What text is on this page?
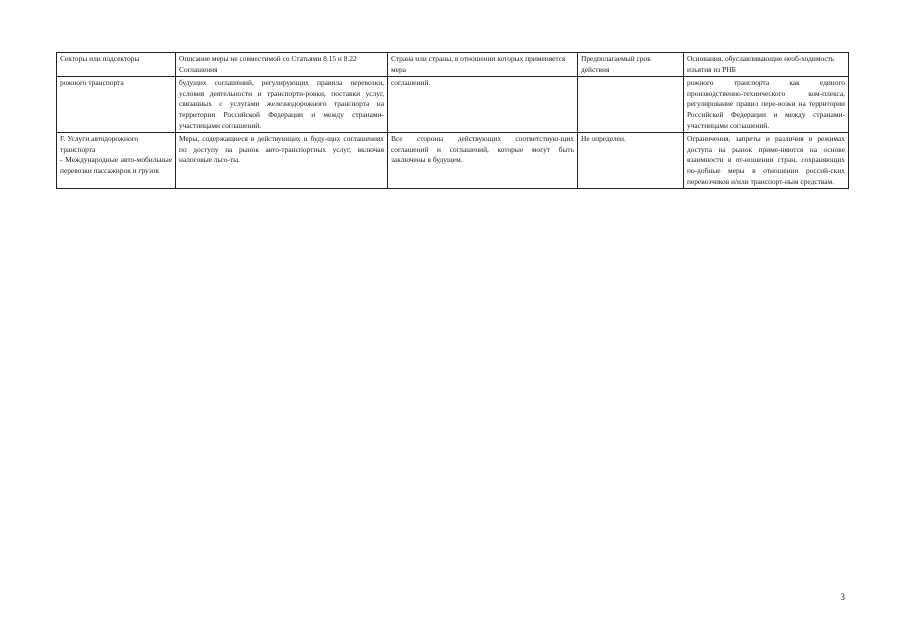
Секторы или подсекторы	Описание меры не совместимой со Статьями 8.15 и 8.22 Соглашения	Страна или страны, в отношении которых применяется мера	Предполагаемый срок действия	Основания, обуславливающие необ-ходимость изъятия из РНБ

рожного транспорта	будущих соглашений, регулирующих правила перевозки, условия деятельности и транспорти-ровки, поставки услуг, связанных с услугами железнодорожного транспорта на территории Российской Федерации и между странами-участницами соглашений.	соглашений.		рожного транспорта как единого производственно-технического ком-плекса, регулирование правил пере-возки на территории Российской Федерации и между странами-участницами соглашений.

F. Услуги автодорожного транспорта
- Международные авто-мобильные перевозки пассажиров и грузов	Меры, содержащиеся в действующих и буду-щих соглашениях по доступу на рынок авто-транспортных услуг, включая налоговые льго-ты.	Все стороны действующих соответствую-щих соглашений и соглашений, которые могут быть заключены в будущем.	Не определен.	Ограничения, запреты и различия в режимах доступа на рынок приме-няются на основе взаимности в от-ношении стран, сохраняющих по-добные меры в отношении россий-ских перевозчиков и/или транспорт-ным средствам.
3
